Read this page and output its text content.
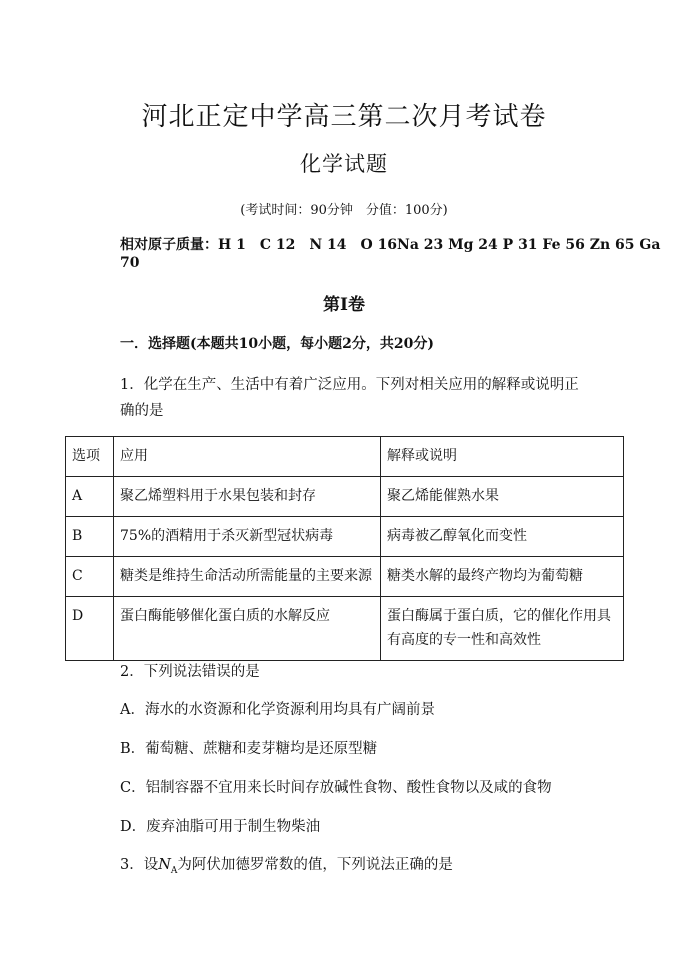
河北正定中学高三第二次月考试卷
化学试题
(考试时间：90分钟　分值：100分)
相对原子质量：H 1　C 12　N 14　O 16Na 23 Mg 24 P 31 Fe 56 Zn 65 Ga
70
第Ⅰ卷
一．选择题(本题共10小题，每小题2分，共20分)
1．化学在生产、生活中有着广泛应用。下列对相关应用的解释或说明正
确的是
选项	应用	解释或说明
A	聚乙烯塑料用于水果包装和封存	聚乙烯能催熟水果
B	75%的酒精用于杀灭新型冠状病毒	病毒被乙醇氧化而变性
C	糖类是维持生命活动所需能量的主要来源	糖类水解的最终产物均为葡萄糖
D	蛋白酶能够催化蛋白质的水解反应	蛋白酶属于蛋白质，它的催化作用具有高度的专一性和高效性
2．下列说法错误的是
A．海水的水资源和化学资源利用均具有广阔前景
B．葡萄糖、蔗糖和麦芽糖均是还原型糖
C．铝制容器不宜用来长时间存放碱性食物、酸性食物以及咸的食物
D．废弃油脂可用于制生物柴油
3．设$N_A$为阿伏加德罗常数的值，下列说法正确的是
